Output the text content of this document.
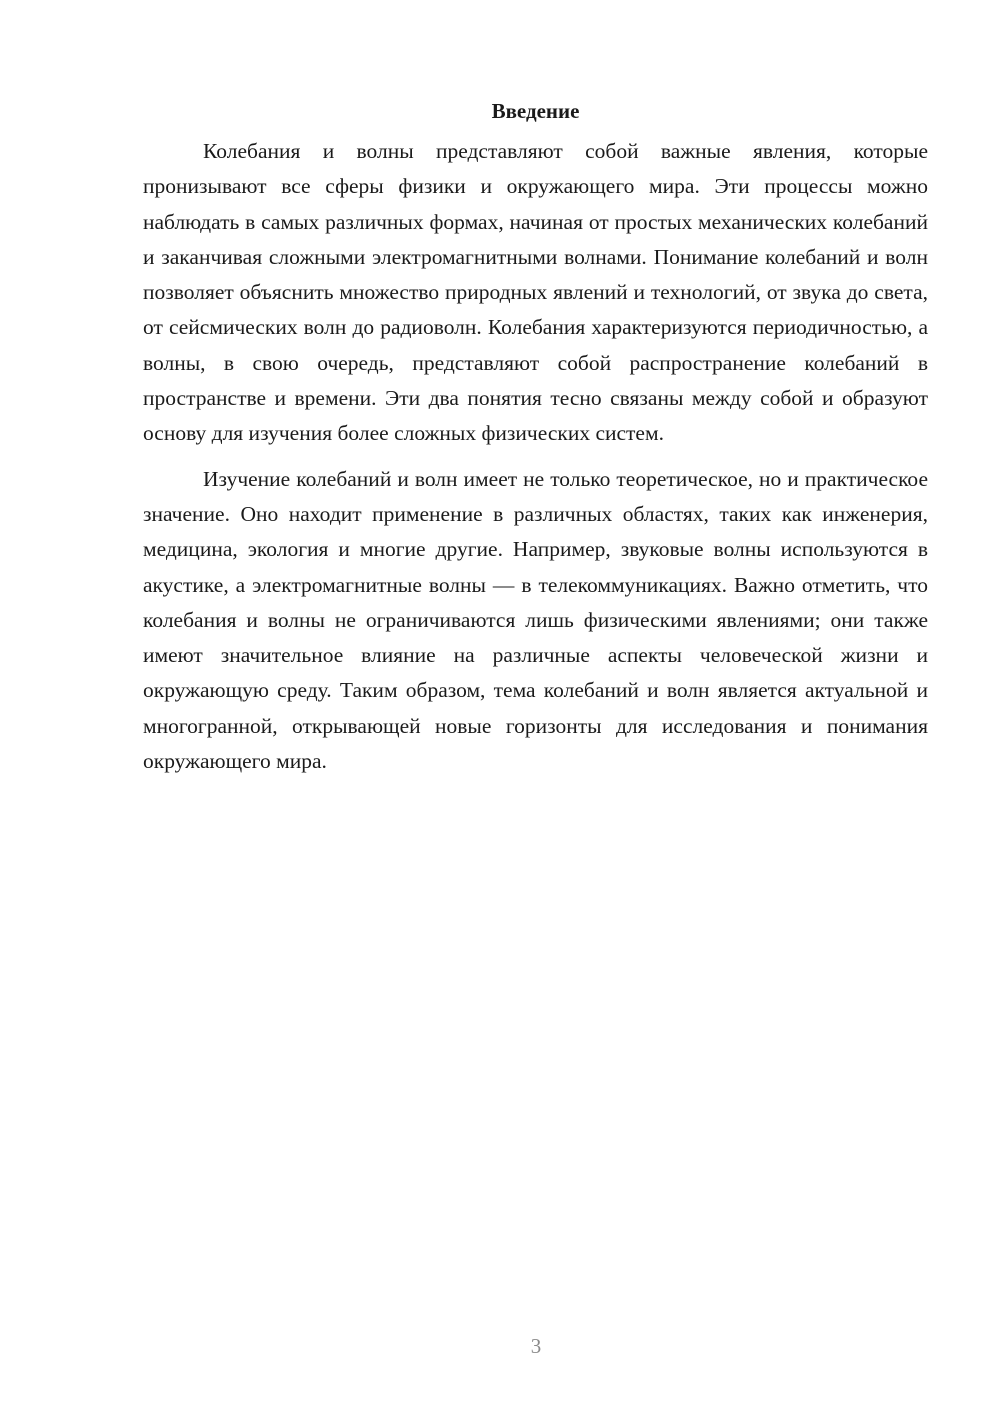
Введение

Колебания и волны представляют собой важные явления, которые пронизывают все сферы физики и окружающего мира. Эти процессы можно наблюдать в самых различных формах, начиная от простых механических колебаний и заканчивая сложными электромагнитными волнами. Понимание колебаний и волн позволяет объяснить множество природных явлений и технологий, от звука до света, от сейсмических волн до радиоволн. Колебания характеризуются периодичностью, а волны, в свою очередь, представляют собой распространение колебаний в пространстве и времени. Эти два понятия тесно связаны между собой и образуют основу для изучения более сложных физических систем.

Изучение колебаний и волн имеет не только теоретическое, но и практическое значение. Оно находит применение в различных областях, таких как инженерия, медицина, экология и многие другие. Например, звуковые волны используются в акустике, а электромагнитные волны — в телекоммуникациях. Важно отметить, что колебания и волны не ограничиваются лишь физическими явлениями; они также имеют значительное влияние на различные аспекты человеческой жизни и окружающую среду. Таким образом, тема колебаний и волн является актуальной и многогранной, открывающей новые горизонты для исследования и понимания окружающего мира.

3
